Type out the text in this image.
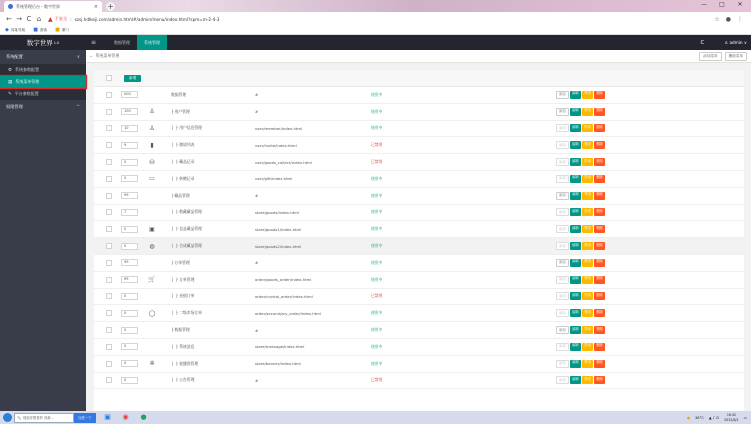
系统管理后台 - 数字世界	× +	—	□	✕
← → C ⌂	▲ 不安全 | szsj.hdlkeji.com/admin.html#/admin/menu/index.html?spm=m-2-4-3	☆ ● ⋮
◆ 同址导航 ■ 游客 ■ 厦门
数字世界 1.0	≡	数据管理	系统管理	C	♙ admin ∨
系统配置	∨
⚙ 系统参数配置
▤ 系统菜单管理
✎ 平台参数配置
权限管理	^
• 系统菜单管理	添加菜单	删除菜单
新增
000	数据管理	#	使用中	添加	编辑	禁用	删除
100	♙	├ 用户管理	#	使用中	添加	编辑	禁用	删除
10	♙	│  ├ 用户信息管理	user/member/index.html	使用中	添加	编辑	禁用	删除
9	▮	│  ├ 邀请列表	user/invite/index.html	已禁用	添加	编辑	禁用	删除
0	⛁	│  ├ 藏品记录	user/goods_collect/index.html	已禁用	添加	编辑	禁用	删除
0	▭	│  ├ 转赠记录	user/gift/index.html	使用中	添加	编辑	禁用	删除
99	├ 藏品管理	#	使用中	添加	编辑	禁用	删除
7	│  ├ 数藏藏品管理	store/goods/index.html	使用中	添加	编辑	禁用	删除
0	▣	│  ├ 盲盒藏品管理	store/goods1/index.html	使用中	添加	编辑	禁用	删除
0	◍	│  ├ 合成藏品管理	store/goods2/index.html	使用中	添加	编辑	禁用	删除
99	├ 订单管理	#	使用中	添加	编辑	禁用	删除
99	🛒	│  ├ 订单管理	order/goods_order/index.html	使用中	添加	编辑	禁用	删除
0	│  ├ 充值订单	order/crystal_order/index.html	已禁用	添加	编辑	禁用	删除
0	◯	│  ├ 二级市场订单	order/second/ary_order/index.html	使用中	添加	编辑	禁用	删除
0	├ 数据管理	#	使用中	添加	编辑	禁用	删除
0	│  ├ 系统消息	store/message/index.html	使用中	添加	编辑	禁用	删除
0	✲	│  ├ 轮播图管理	store/banner/index.html	使用中	添加	编辑	禁用	删除
0	│  ├ 公告管理	#	已禁用	添加	编辑	禁用	删除
🔍 搜索你想看的 到最...	百度一下	▣	◉	●	● 36°C ▲ ♪ ⊡
16:42
2022/8/1 ▭
